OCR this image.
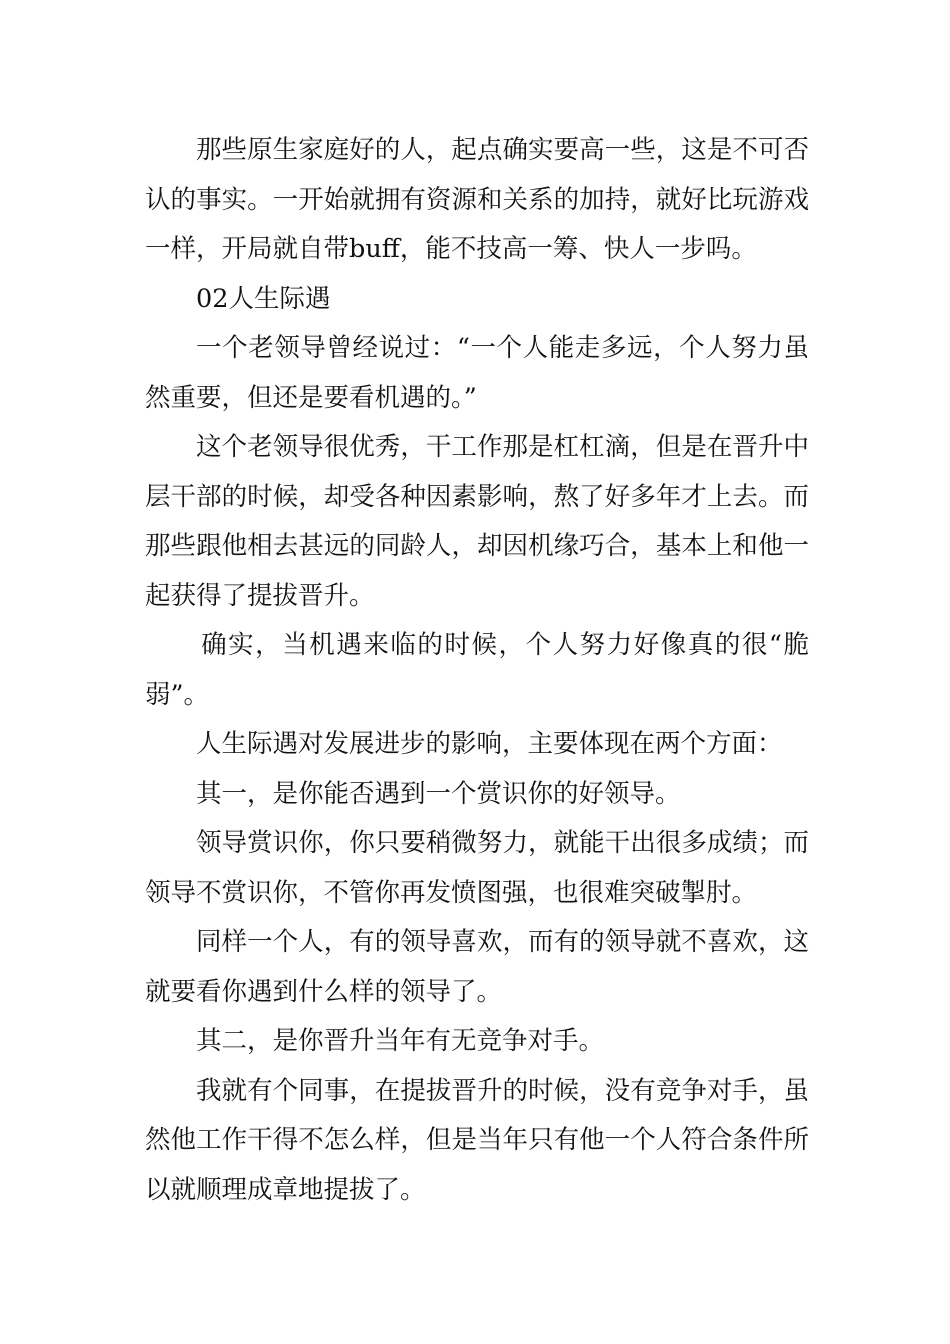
那些原生家庭好的人，起点确实要高一些，这是不可否认的事实。一开始就拥有资源和关系的加持，就好比玩游戏一样，开局就自带buff，能不技高一筹、快人一步吗。

02人生际遇

一个老领导曾经说过：“一个人能走多远，个人努力虽然重要，但还是要看机遇的。”

这个老领导很优秀，干工作那是杠杠滴，但是在晋升中层干部的时候，却受各种因素影响，熬了好多年才上去。而那些跟他相去甚远的同龄人，却因机缘巧合，基本上和他一起获得了提拔晋升。

确实，当机遇来临的时候，个人努力好像真的很“脆弱”。

人生际遇对发展进步的影响，主要体现在两个方面：

其一，是你能否遇到一个赏识你的好领导。

领导赏识你，你只要稍微努力，就能干出很多成绩；而领导不赏识你，不管你再发愤图强，也很难突破掣肘。

同样一个人，有的领导喜欢，而有的领导就不喜欢，这就要看你遇到什么样的领导了。

其二，是你晋升当年有无竞争对手。

我就有个同事，在提拔晋升的时候，没有竞争对手，虽然他工作干得不怎么样，但是当年只有他一个人符合条件所以就顺理成章地提拔了。
